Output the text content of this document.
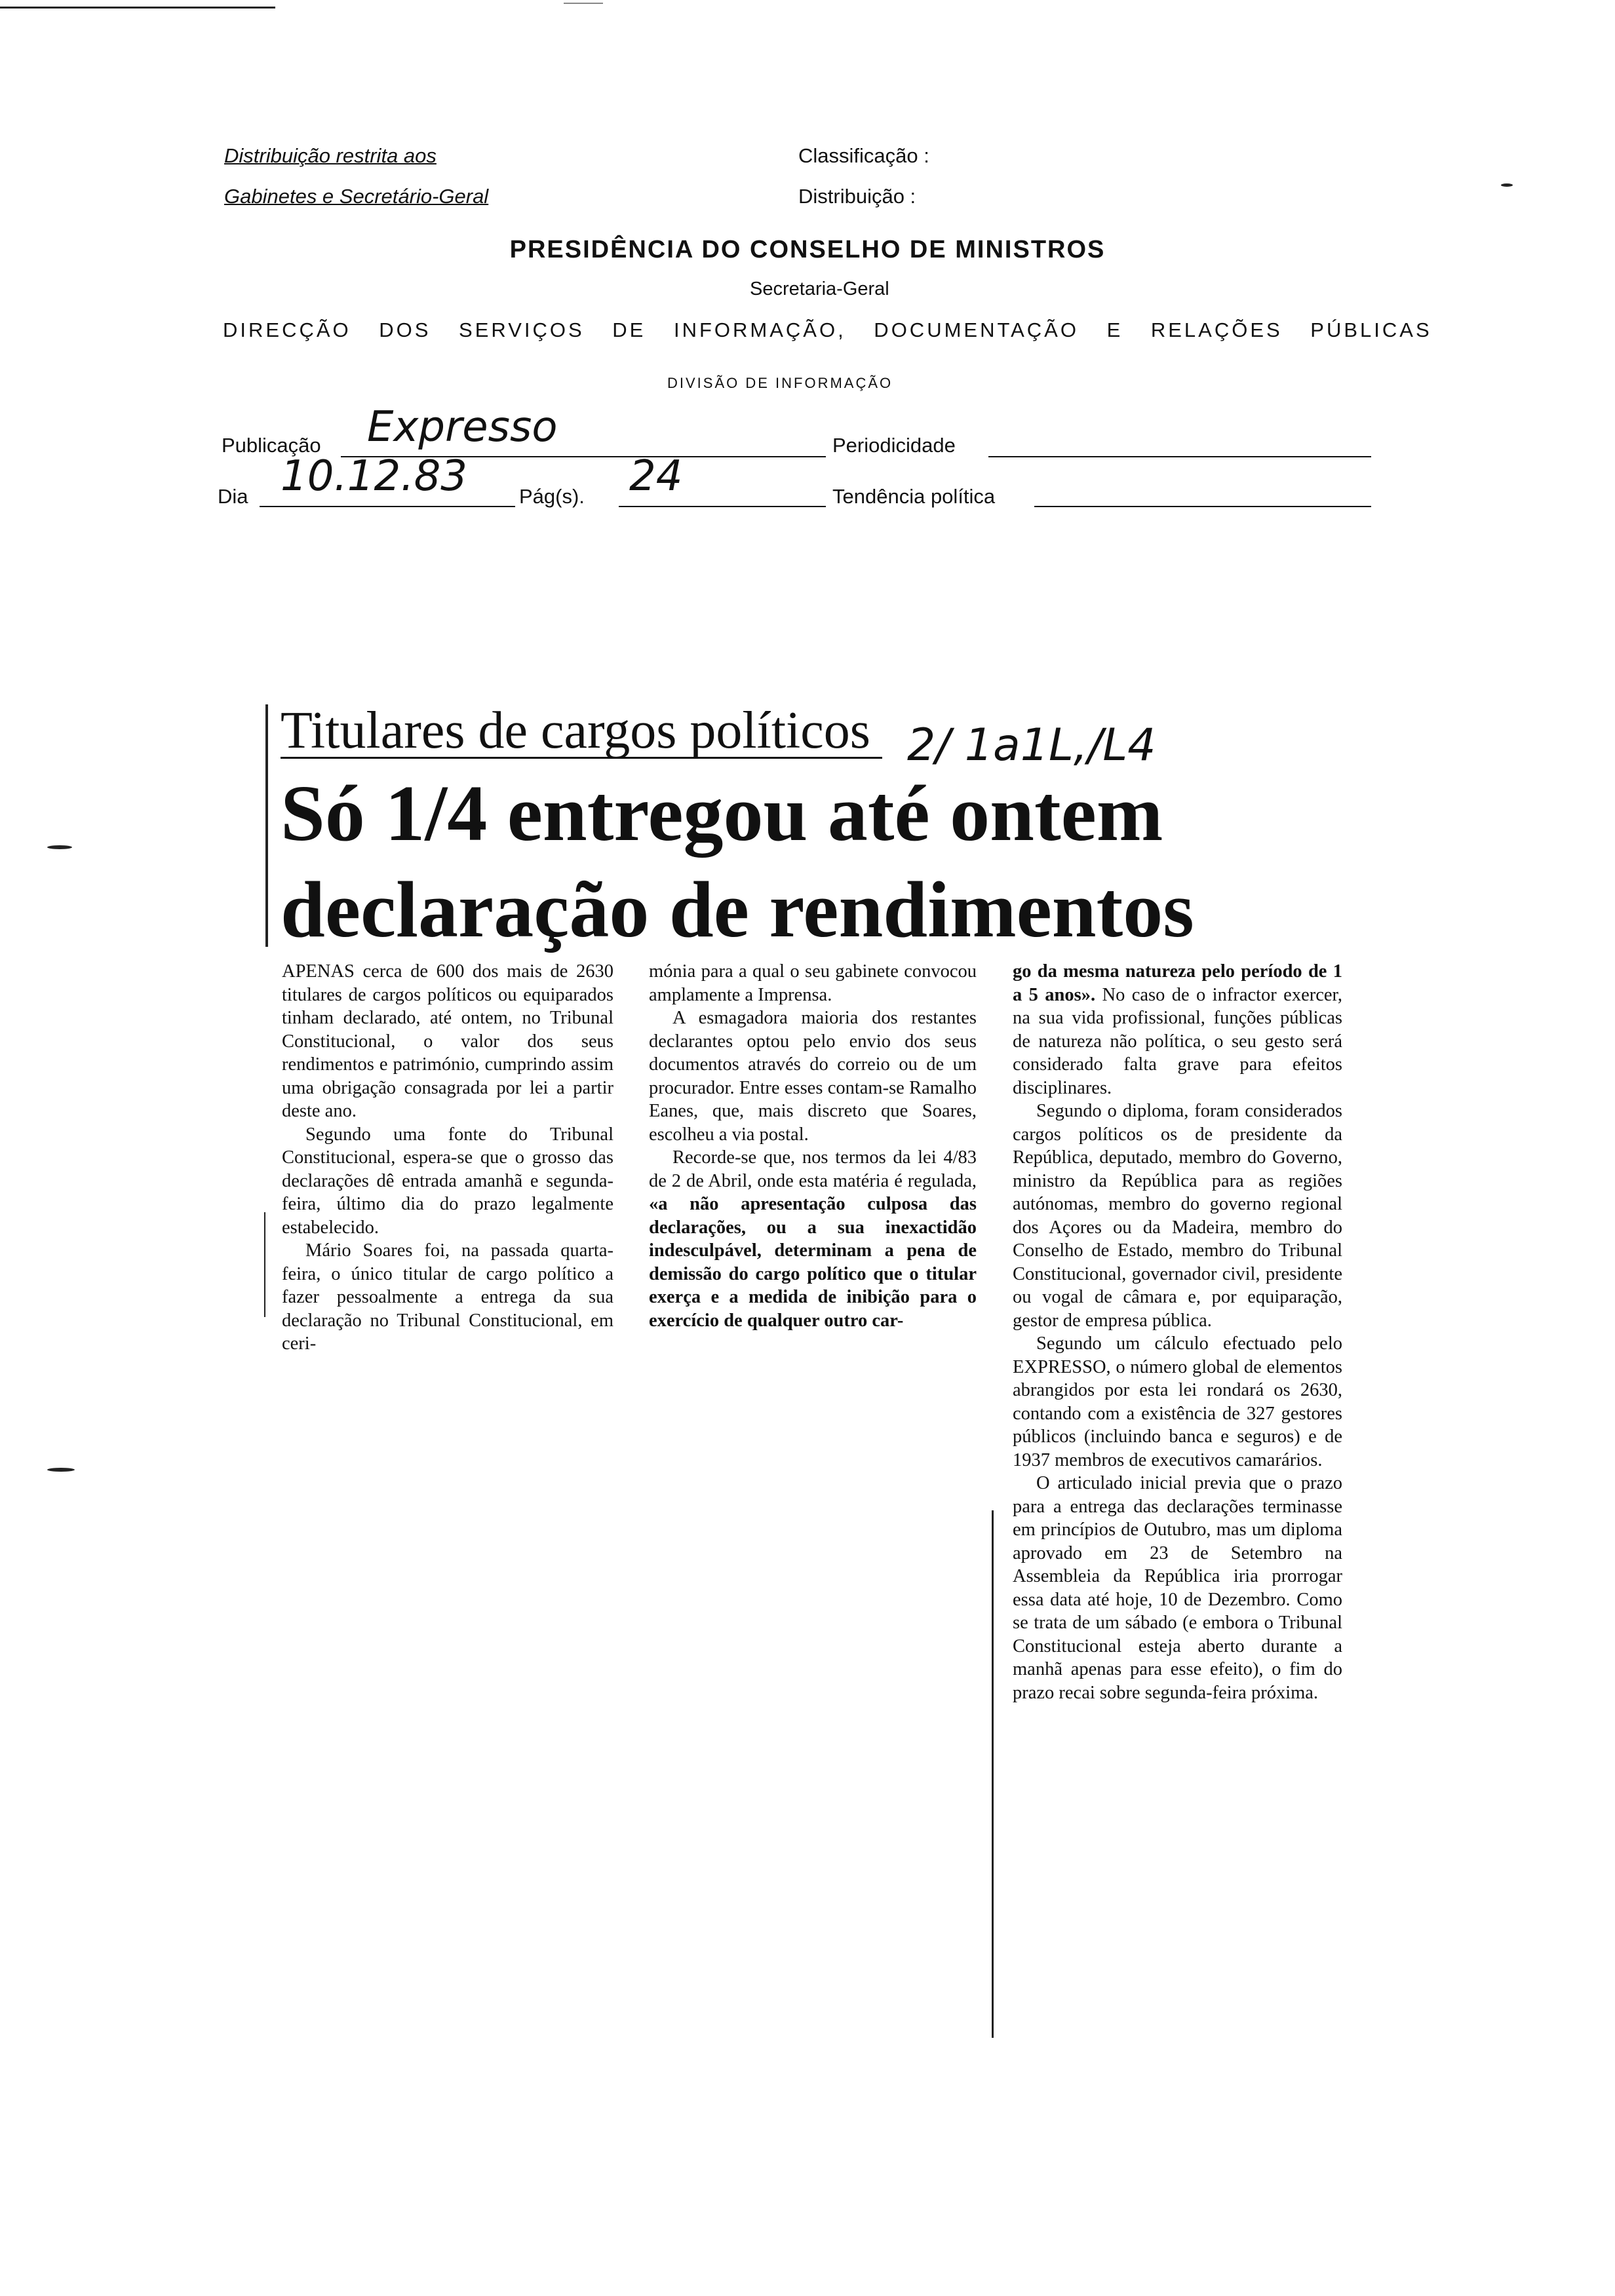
Distribuição restrita aos
Gabinetes e Secretário-Geral
Classificação :
Distribuição :
PRESIDÊNCIA DO CONSELHO DE MINISTROS
Secretaria-Geral
DIRECÇÃO DOS SERVIÇOS DE INFORMAÇÃO, DOCUMENTAÇÃO E RELAÇÕES PÚBLICAS
DIVISÃO DE INFORMAÇÃO
Publicação Expresso	Periodicidade
Dia 10.12.83	Pág(s). 24	Tendência política
Titulares de cargos políticos 2/ 1a1L,/L4
Só 1/4 entregou até ontem
declaração de rendimentos

APENAS cerca de 600 dos mais de 2630 titulares de cargos políticos ou equiparados tinham declarado, até ontem, no Tribunal Constitucional, o valor dos seus rendimentos e património, cumprindo assim uma obrigação consagrada por lei a partir deste ano.

Segundo uma fonte do Tribunal Constitucional, espera-se que o grosso das declarações dê entrada amanhã e segunda-feira, último dia do prazo legalmente estabelecido.

Mário Soares foi, na passada quarta-feira, o único titular de cargo político a fazer pessoalmente a entrega da sua declaração no Tribunal Constitucional, em ceri-

mónia para a qual o seu gabinete convocou amplamente a Imprensa.

A esmagadora maioria dos restantes declarantes optou pelo envio dos seus documentos através do correio ou de um procurador. Entre esses contam-se Ramalho Eanes, que, mais discreto que Soares, escolheu a via postal.

Recorde-se que, nos termos da lei 4/83 de 2 de Abril, onde esta matéria é regulada, «a não apresentação culposa das declarações, ou a sua inexactidão indesculpável, determinam a pena de demissão do cargo político que o titular exerça e a medida de inibição para o exercício de qualquer outro car-

go da mesma natureza pelo período de 1 a 5 anos». No caso de o infractor exercer, na sua vida profissional, funções públicas de natureza não política, o seu gesto será considerado falta grave para efeitos disciplinares.

Segundo o diploma, foram considerados cargos políticos os de presidente da República, deputado, membro do Governo, ministro da República para as regiões autónomas, membro do governo regional dos Açores ou da Madeira, membro do Conselho de Estado, membro do Tribunal Constitucional, governador civil, presidente ou vogal de câmara e, por equiparação, gestor de empresa pública.

Segundo um cálculo efectuado pelo EXPRESSO, o número global de elementos abrangidos por esta lei rondará os 2630, contando com a existência de 327 gestores públicos (incluindo banca e seguros) e de 1937 membros de executivos camarários.

O articulado inicial previa que o prazo para a entrega das declarações terminasse em princípios de Outubro, mas um diploma aprovado em 23 de Setembro na Assembleia da República iria prorrogar essa data até hoje, 10 de Dezembro. Como se trata de um sábado (e embora o Tribunal Constitucional esteja aberto durante a manhã apenas para esse efeito), o fim do prazo recai sobre segunda-feira próxima.
